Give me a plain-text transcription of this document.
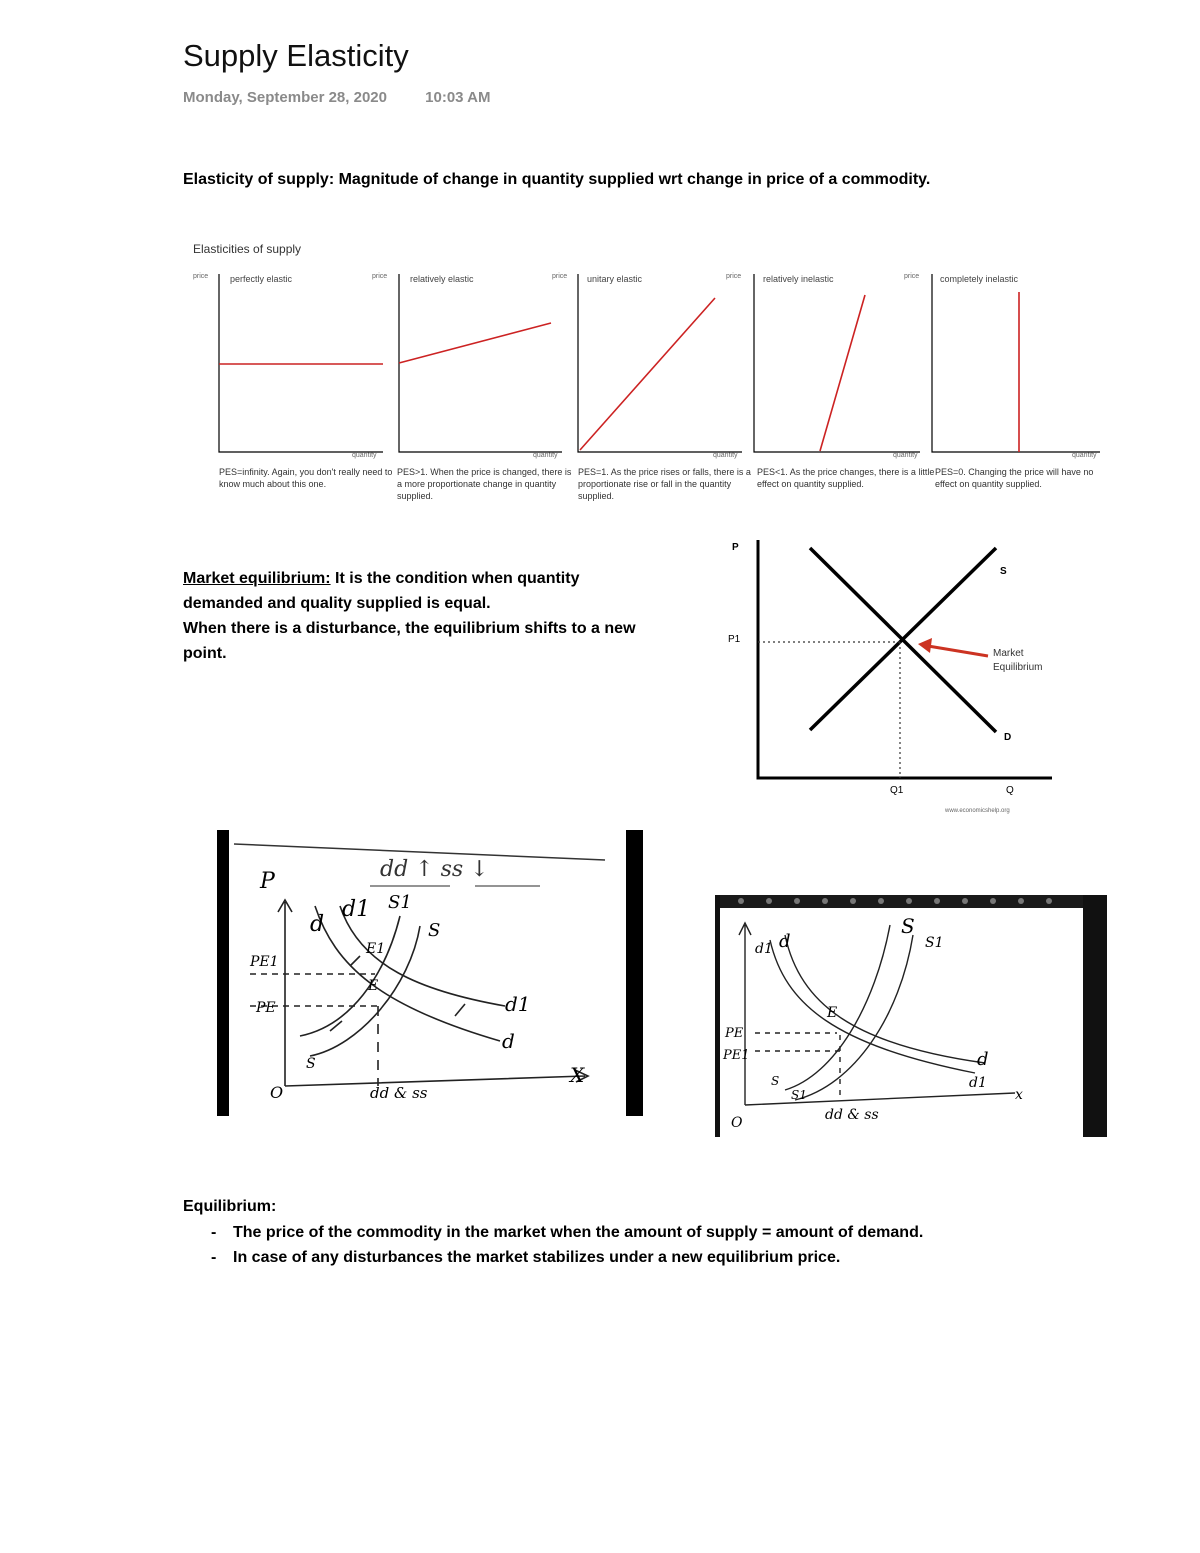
Supply Elasticity
Monday, September 28, 2020	10:03 AM
Elasticity of supply: Magnitude of change in quantity supplied wrt change in price of a commodity.
Elasticities of supply
price perfectly elastic
quantity
PES=infinity. Again, you don't really need to know much about this one.
price	relatively elastic
quantity
PES>1. When the price is changed, there is a more proportionate change in quantity supplied.
price unitary elastic
quantity
PES=1. As the price rises or falls, there is a proportionate rise or fall in the quantity supplied.
price relatively inelastic
quantity
PES<1. As the price changes, there is a little effect on quantity supplied.
price completely inelastic
quantity
PES=0. Changing the price will have no effect on quantity supplied.
Market equilibrium: It is the condition when quantity demanded and quality supplied is equal.
When there is a disturbance, the equilibrium shifts to a new point.
P
P1
S
D
Market
Equilibrium
Q1	Q
www.economicshelp.org
P	dd ↑ ss ↓
d
d1 S1
S
E1
E
PE1
PE	d1
d
S
O
X
dd & ss
d1 d
S
S1
E
PE
PE1	d
d1
S
S1
O
x
dd & ss
Equilibrium:
- The price of the commodity in the market when the amount of supply = amount of demand.
- In case of any disturbances the market stabilizes under a new equilibrium price.
